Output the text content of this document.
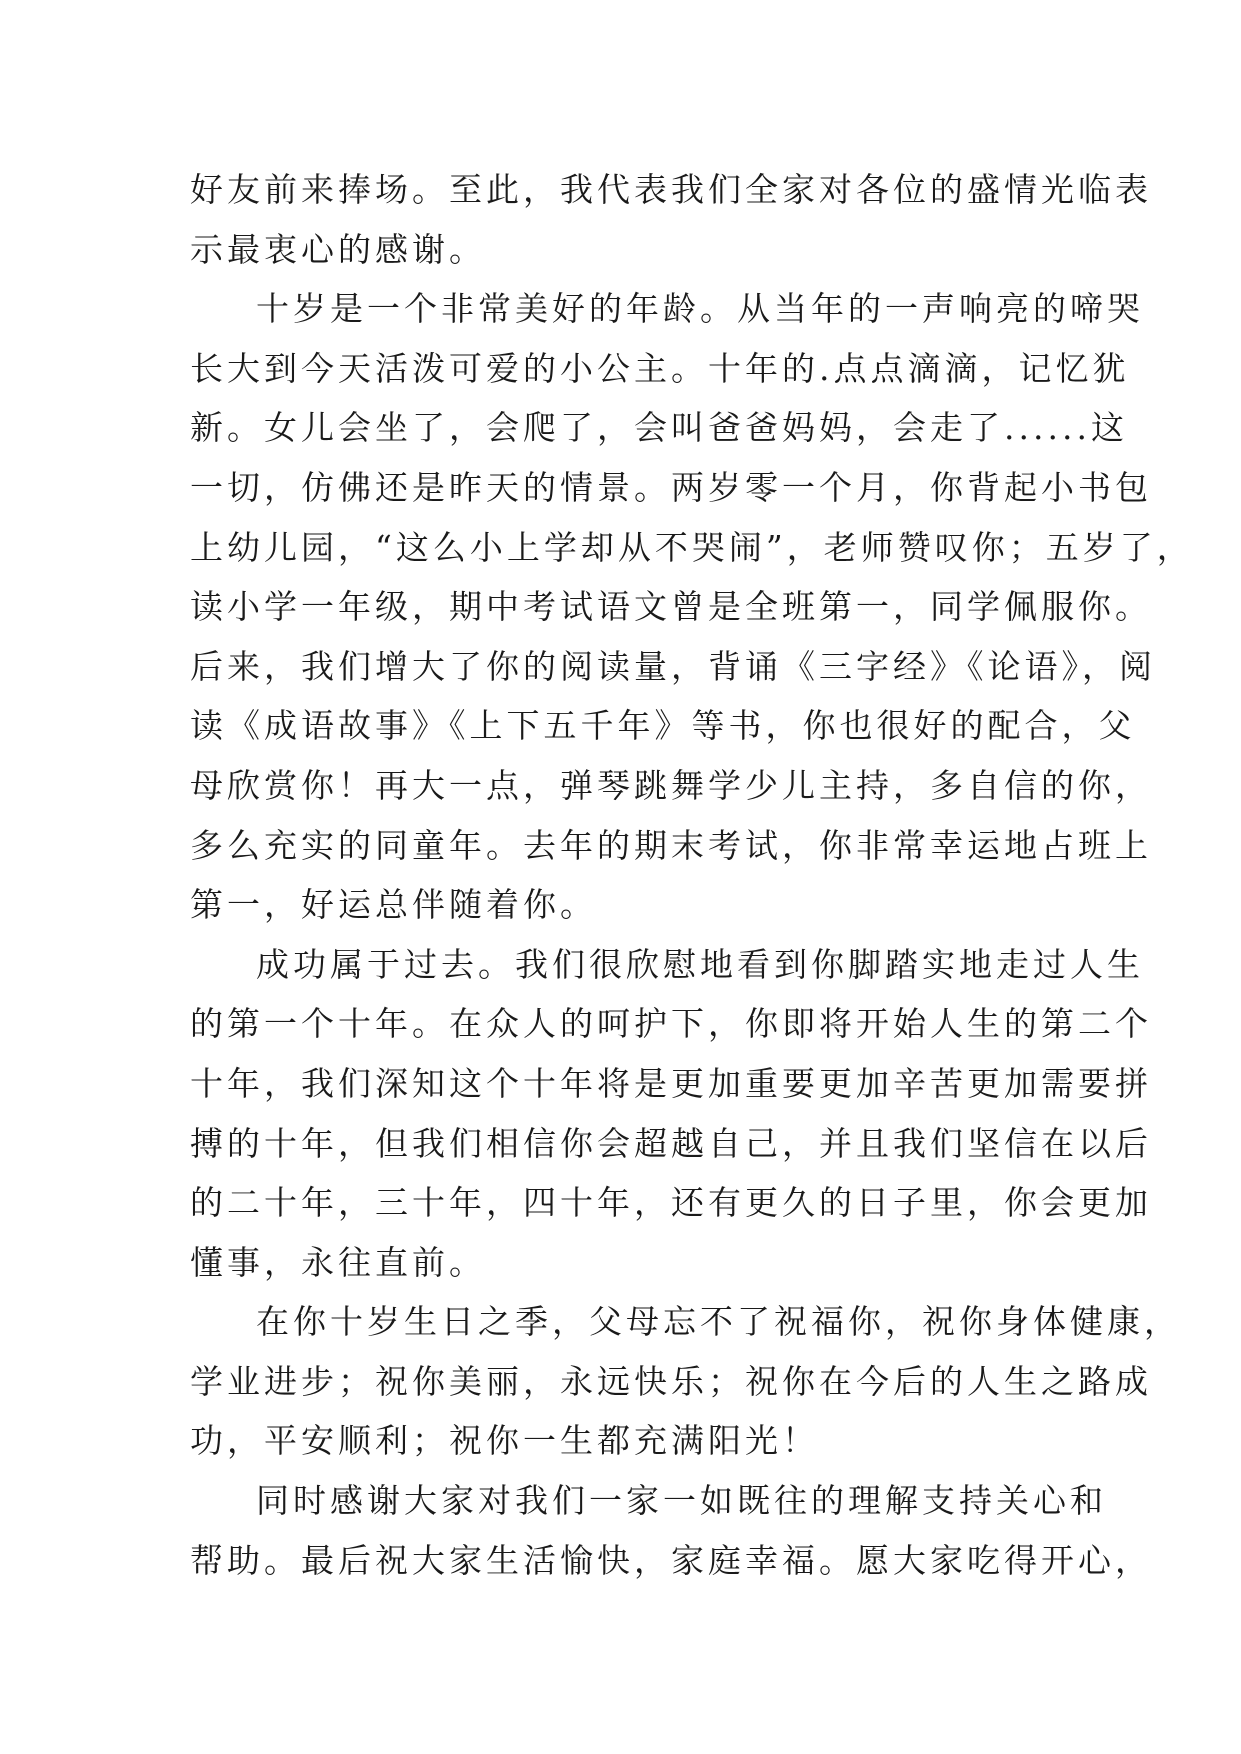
好友前来捧场。至此，我代表我们全家对各位的盛情光临表
示最衷心的感谢。
十岁是一个非常美好的年龄。从当年的一声响亮的啼哭
长大到今天活泼可爱的小公主。十年的.点点滴滴，记忆犹
新。女儿会坐了，会爬了，会叫爸爸妈妈，会走了......这
一切，仿佛还是昨天的情景。两岁零一个月，你背起小书包
上幼儿园，“这么小上学却从不哭闹”，老师赞叹你；五岁了，
读小学一年级，期中考试语文曾是全班第一，同学佩服你。
后来，我们增大了你的阅读量，背诵《三字经》《论语》，阅
读《成语故事》《上下五千年》等书，你也很好的配合，父
母欣赏你！再大一点，弹琴跳舞学少儿主持，多自信的你，
多么充实的同童年。去年的期末考试，你非常幸运地占班上
第一，好运总伴随着你。
成功属于过去。我们很欣慰地看到你脚踏实地走过人生
的第一个十年。在众人的呵护下，你即将开始人生的第二个
十年，我们深知这个十年将是更加重要更加辛苦更加需要拼
搏的十年，但我们相信你会超越自己，并且我们坚信在以后
的二十年，三十年，四十年，还有更久的日子里，你会更加
懂事，永往直前。
在你十岁生日之季，父母忘不了祝福你，祝你身体健康，
学业进步；祝你美丽，永远快乐；祝你在今后的人生之路成
功，平安顺利；祝你一生都充满阳光！
同时感谢大家对我们一家一如既往的理解支持关心和
帮助。最后祝大家生活愉快，家庭幸福。愿大家吃得开心，
